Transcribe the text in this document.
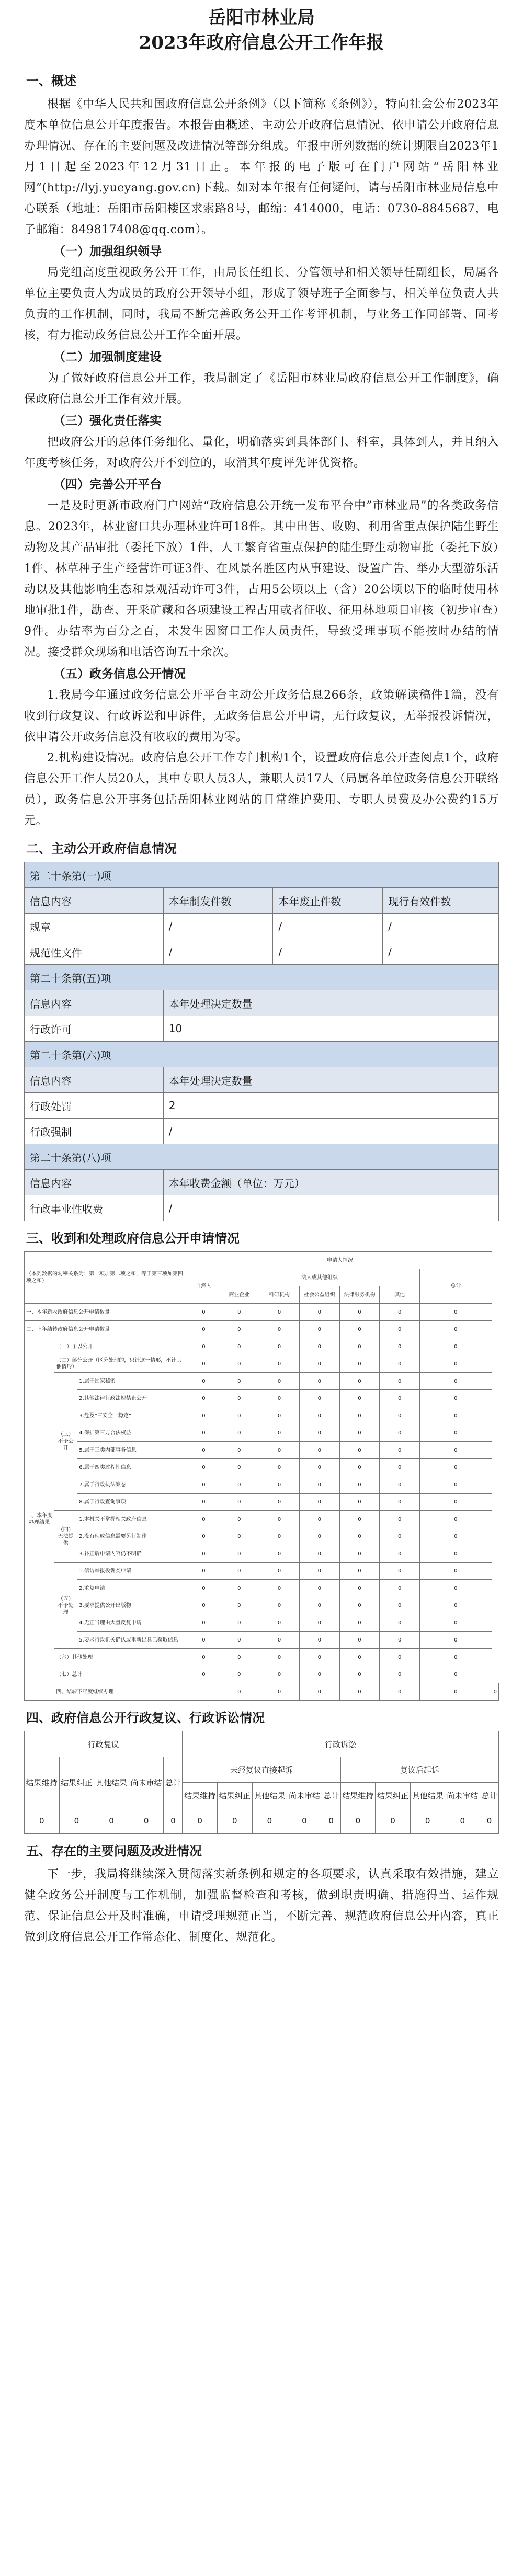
岳阳市林业局
2023年政府信息公开工作年报
一、概述

根据《中华人民共和国政府信息公开条例》（以下简称《条例》），特向社会公布2023年度本单位信息公开年度报告。本报告由概述、主动公开政府信息情况、依申请公开政府信息办理情况、存在的主要问题及改进情况等部分组成。年报中所列数据的统计期限自2023年1月1日起至2023年12月31日止。本年报的电子版可在门户网站“岳阳林业网”(http://lyj.yueyang.gov.cn)下载。如对本年报有任何疑问，请与岳阳市林业局信息中心联系（地址：岳阳市岳阳楼区求索路8号，邮编：414000，电话：0730-8845687，电子邮箱：849817408@qq.com）。

（一）加强组织领导

局党组高度重视政务公开工作，由局长任组长、分管领导和相关领导任副组长，局属各单位主要负责人为成员的政府公开领导小组，形成了领导班子全面参与，相关单位负责人共负责的工作机制，同时，我局不断完善政务公开工作考评机制，与业务工作同部署、同考核，有力推动政务信息公开工作全面开展。

（二）加强制度建设

为了做好政府信息公开工作，我局制定了《岳阳市林业局政府信息公开工作制度》，确保政府信息公开工作有效开展。

（三）强化责任落实

把政府公开的总体任务细化、量化，明确落实到具体部门、科室，具体到人，并且纳入年度考核任务，对政府公开不到位的，取消其年度评先评优资格。

（四）完善公开平台

一是及时更新市政府门户网站“政府信息公开统一发布平台中”市林业局”的各类政务信息。2023年，林业窗口共办理林业许可18件。其中出售、收购、利用省重点保护陆生野生动物及其产品审批（委托下放）1件，人工繁育省重点保护的陆生野生动物审批（委托下放）1件、林草种子生产经营许可证3件、在风景名胜区内从事建设、设置广告、举办大型游乐活动以及其他影响生态和景观活动许可3件，占用5公顷以上（含）20公顷以下的临时使用林地审批1件，勘查、开采矿藏和各项建设工程占用或者征收、征用林地项目审核（初步审查）9件。办结率为百分之百，未发生因窗口工作人员责任，导致受理事项不能按时办结的情况。接受群众现场和电话咨询五十余次。

（五）政务信息公开情况

1.我局今年通过政务信息公开平台主动公开政务信息266条，政策解读稿件1篇，没有收到行政复议、行政诉讼和申诉件，无政务信息公开申请，无行政复议，无举报投诉情况，依申请公开政务信息没有收取的费用为零。

2.机构建设情况。政府信息公开工作专门机构1个，设置政府信息公开查阅点1个，政府信息公开工作人员20人，其中专职人员3人，兼职人员17人（局属各单位政务信息公开联络员），政务信息公开事务包括岳阳林业网站的日常维护费用、专职人员费及办公费约15万元。

二、主动公开政府信息情况
第二十条第(一)项			
信息内容	本年制发件数	本年废止件数	现行有效件数
规章	/	/	/
规范性文件	/	/	/
第二十条第(五)项			
信息内容	本年处理决定数量		
行政许可	10		
第二十条第(六)项			
信息内容	本年处理决定数量		
行政处罚	2		
行政强制	/		
第二十条第(八)项			
信息内容	本年收费金额（单位：万元）		
行政事业性收费	/		
三、收到和处理政府信息公开申请情况
（本列数据的勾稽关系为：第一项加第二项之和，等于第三项加第四项之和）			申请人情况							
			自然人	法人或其他组织					总计	
				商业企业	科研机构	社会公益组织	法律服务机构	其他		
一、本年新收政府信息公开申请数量			0	0	0	0	0	0	0	
二、上年结转政府信息公开申请数量			0	0	0	0	0	0	0	
三、本年度办理结果	（一）予以公开		0	0	0	0	0	0	0	
	（二）部分公开（区分处理的，只计这一情形，不计其他情形）		0	0	0	0	0	0	0	
	（三）不予公开	1.属于国家秘密	0	0	0	0	0	0	0	
		2.其他法律行政法规禁止公开	0	0	0	0	0	0	0	
		3.危及“三安全一稳定”	0	0	0	0	0	0	0	
		4.保护第三方合法权益	0	0	0	0	0	0	0	
		5.属于三类内部事务信息	0	0	0	0	0	0	0	
		6.属于四类过程性信息	0	0	0	0	0	0	0	
		7.属于行政执法案卷	0	0	0	0	0	0	0	
		8.属于行政查询事项	0	0	0	0	0	0	0	
	（四）无法提供	1.本机关不掌握相关政府信息	0	0	0	0	0	0	0	
		2.没有现成信息需要另行制作	0	0	0	0	0	0	0	
		3.补正后申请内容仍不明确	0	0	0	0	0	0	0	
	（五）不予处理	1.信访举报投诉类申请	0	0	0	0	0	0	0	
		2.重复申请	0	0	0	0	0	0	0	
		3.要求提供公开出版物	0	0	0	0	0	0	0	
		4.无正当理由大量反复申请	0	0	0	0	0	0	0	
		5.要求行政机关确认或重新出具已获取信息	0	0	0	0	0	0	0	
	（六）其他处理		0	0	0	0	0	0	0	
	（七）总计		0	0	0	0	0	0	0	
	四、结转下年度继续办理			0	0	0	0	0	0	0
四、政府信息公开行政复议、行政诉讼情况
行政复议					行政诉讼									
结果维持	结果纠正	其他结果	尚未审结	总计	未经复议直接起诉					复议后起诉				
					结果维持	结果纠正	其他结果	尚未审结	总计	结果维持	结果纠正	其他结果	尚未审结	总计
0	0	0	0	0	0	0	0	0	0	0	0	0	0	0
五、存在的主要问题及改进情况

下一步，我局将继续深入贯彻落实新条例和规定的各项要求，认真采取有效措施，建立健全政务公开制度与工作机制，加强监督检查和考核，做到职责明确、措施得当、运作规范、保证信息公开及时准确，申请受理规范正当，不断完善、规范政府信息公开内容，真正做到政府信息公开工作常态化、制度化、规范化。
